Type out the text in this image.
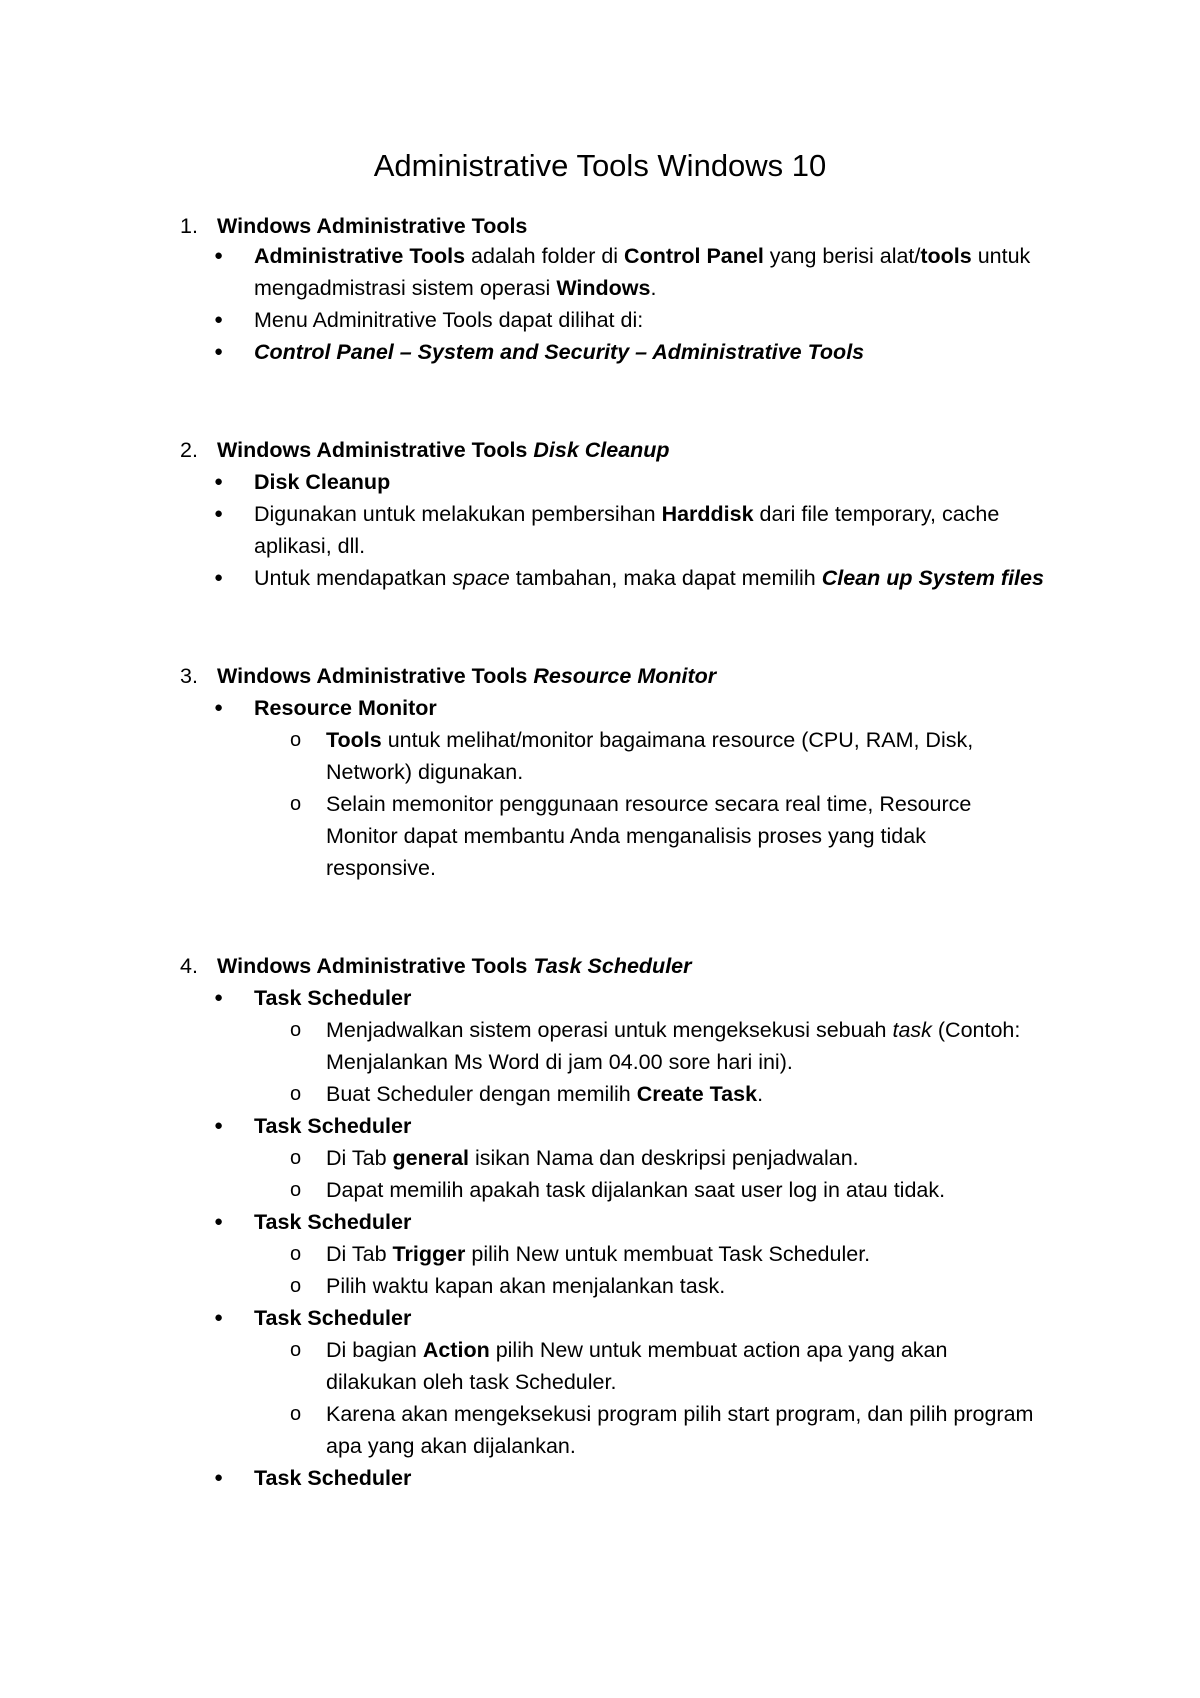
Administrative Tools Windows 10
1. Windows Administrative Tools
● Administrative Tools adalah folder di Control Panel yang berisi alat/tools untuk
mengadmistrasi sistem operasi Windows.
● Menu Adminitrative Tools dapat dilihat di:
● Control Panel – System and Security – Administrative Tools
2. Windows Administrative Tools Disk Cleanup
● Disk Cleanup
● Digunakan untuk melakukan pembersihan Harddisk dari file temporary, cache
aplikasi, dll.
● Untuk mendapatkan space tambahan, maka dapat memilih Clean up System files
3. Windows Administrative Tools Resource Monitor
● Resource Monitor
o Tools untuk melihat/monitor bagaimana resource (CPU, RAM, Disk,
Network) digunakan.
o Selain memonitor penggunaan resource secara real time, Resource
Monitor dapat membantu Anda menganalisis proses yang tidak
responsive.
4. Windows Administrative Tools Task Scheduler
● Task Scheduler
o Menjadwalkan sistem operasi untuk mengeksekusi sebuah task (Contoh:
Menjalankan Ms Word di jam 04.00 sore hari ini).
o Buat Scheduler dengan memilih Create Task.
● Task Scheduler
o Di Tab general isikan Nama dan deskripsi penjadwalan.
o Dapat memilih apakah task dijalankan saat user log in atau tidak.
● Task Scheduler
o Di Tab Trigger pilih New untuk membuat Task Scheduler.
o Pilih waktu kapan akan menjalankan task.
● Task Scheduler
o Di bagian Action pilih New untuk membuat action apa yang akan
dilakukan oleh task Scheduler.
o Karena akan mengeksekusi program pilih start program, dan pilih program
apa yang akan dijalankan.
● Task Scheduler
